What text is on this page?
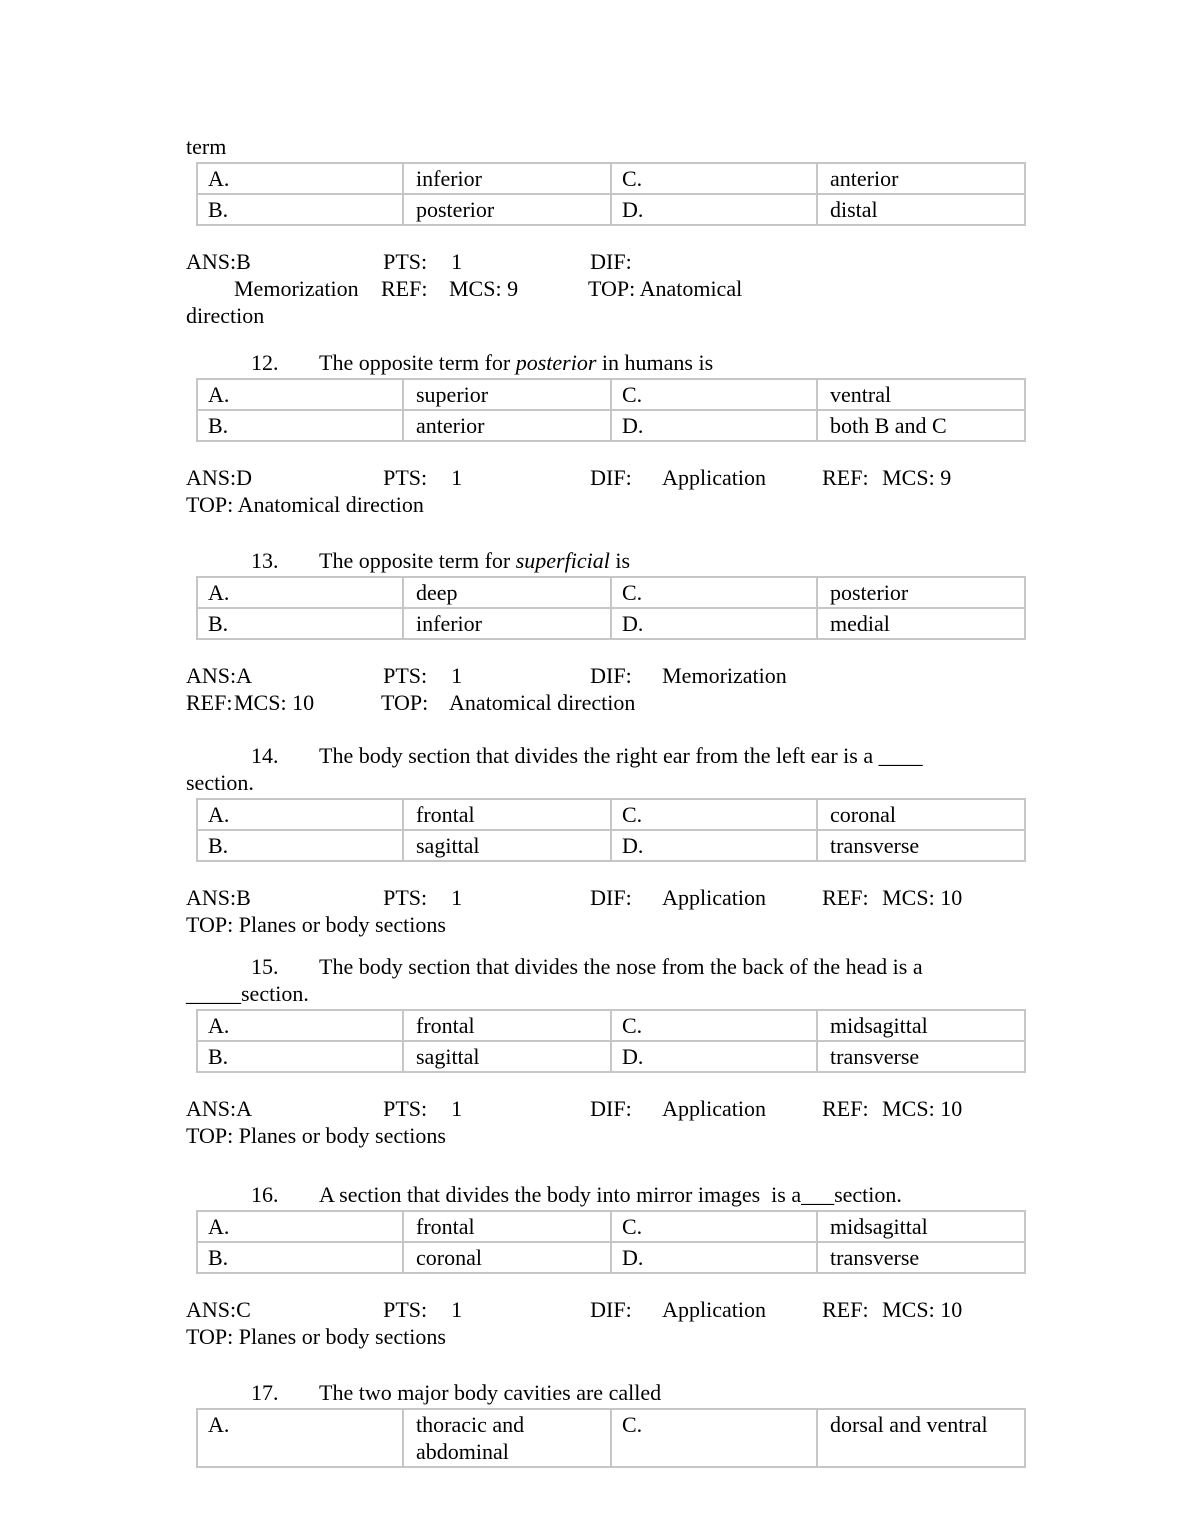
term
A.	inferior	C.	anterior
B.	posterior	D.	distal
ANS:B	PTS: 1	DIF:
Memorization REF: MCS: 9	TOP: Anatomical
direction
12. The opposite term for posterior in humans is
A.	superior	C.	ventral
B.	anterior	D.	both B and C
ANS:D	PTS: 1	DIF: Application	REF: MCS: 9
TOP: Anatomical direction
13. The opposite term for superficial is
A.	deep	C.	posterior
B.	inferior	D.	medial
ANS:A	PTS: 1	DIF: Memorization
REF:MCS: 10	TOP: Anatomical direction
14. The body section that divides the right ear from the left ear is a ____
section.
A.	frontal	C.	coronal
B.	sagittal	D.	transverse
ANS:B	PTS: 1	DIF: Application	REF: MCS: 10
TOP: Planes or body sections
15. The body section that divides the nose from the back of the head is a
_____section.
A.	frontal	C.	midsagittal
B.	sagittal	D.	transverse
ANS:A	PTS: 1	DIF: Application	REF: MCS: 10
TOP: Planes or body sections
16. A section that divides the body into mirror images  is a___section.
A.	frontal	C.	midsagittal
B.	coronal	D.	transverse
ANS:C	PTS: 1	DIF: Application	REF: MCS: 10
TOP: Planes or body sections
17. The two major body cavities are called
A.	thoracic and abdominal	C.	dorsal and ventral
